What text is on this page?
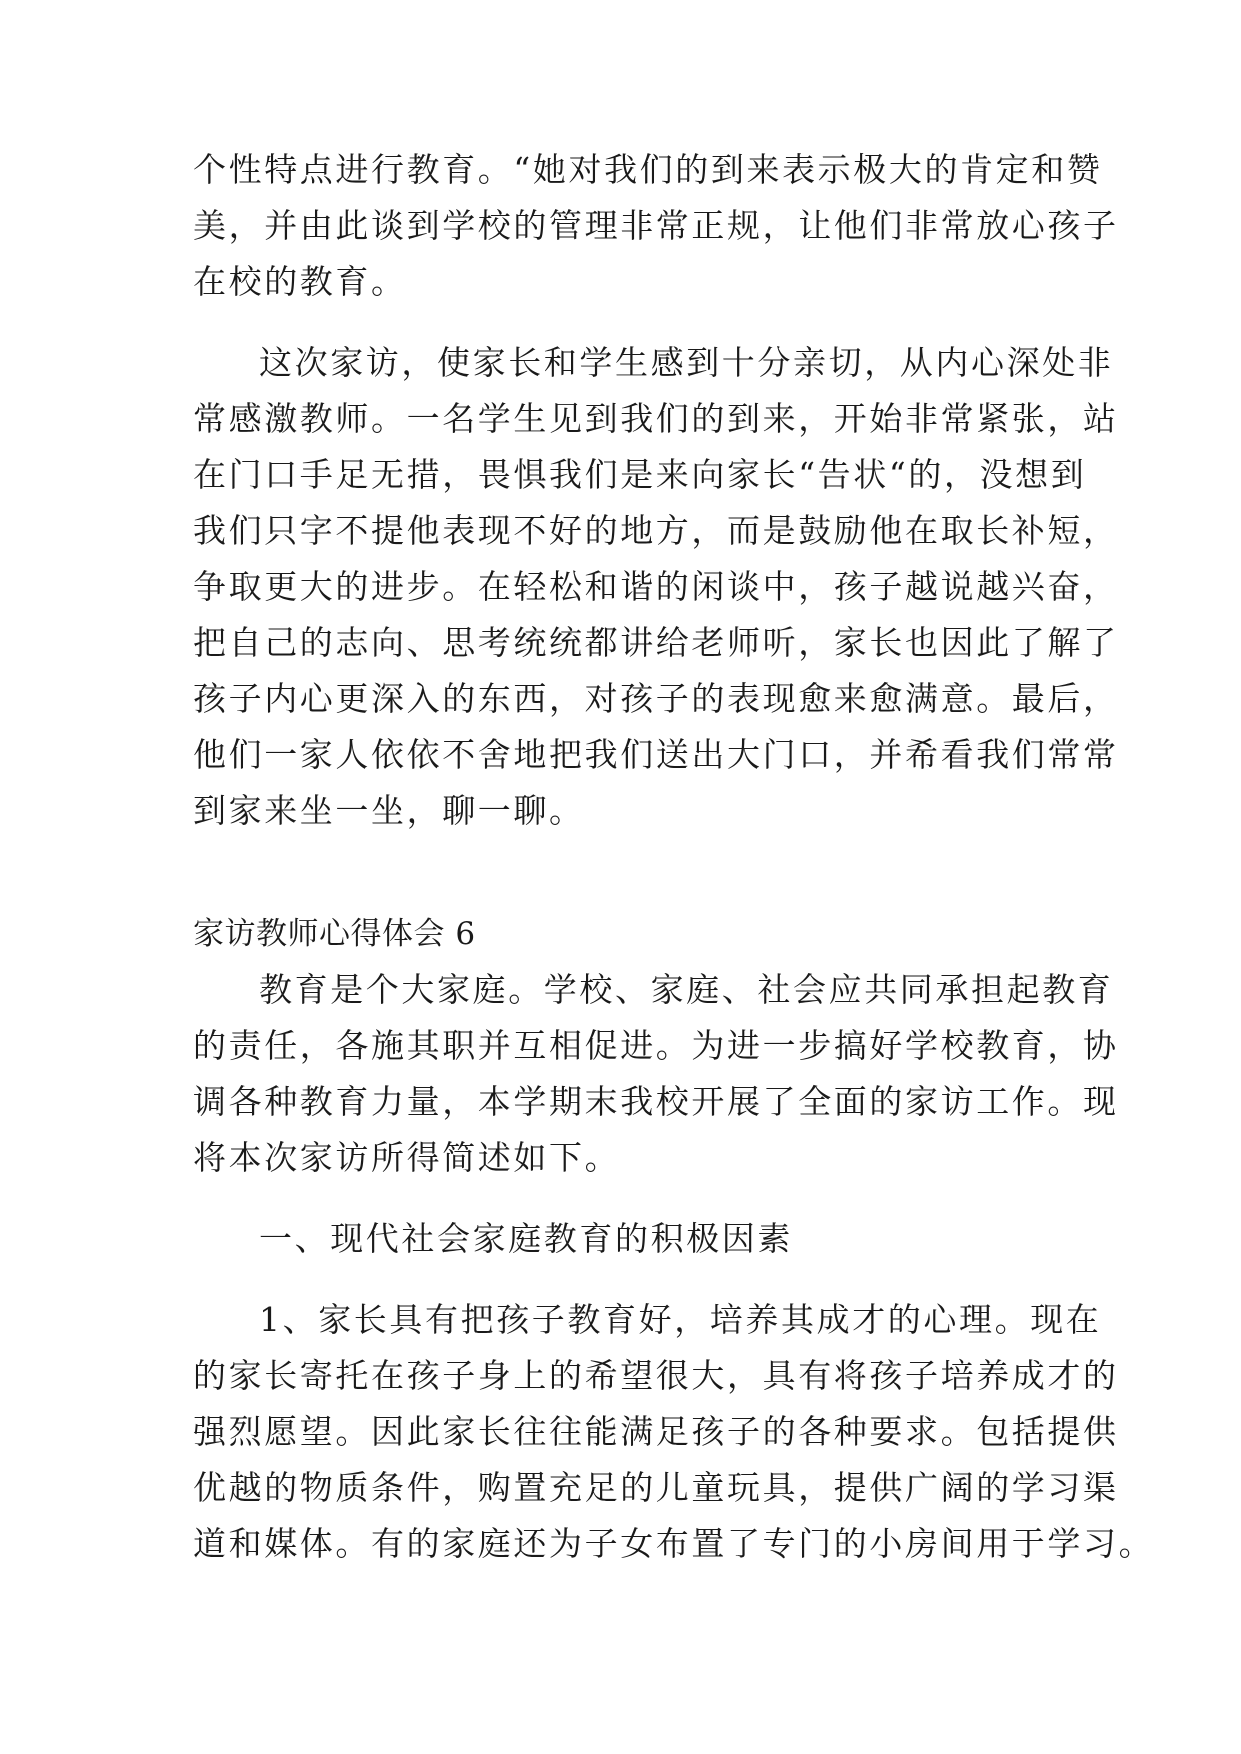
个性特点进行教育。“她对我们的到来表示极大的肯定和赞
美，并由此谈到学校的管理非常正规，让他们非常放心孩子
在校的教育。
这次家访，使家长和学生感到十分亲切，从内心深处非
常感激教师。一名学生见到我们的到来，开始非常紧张，站
在门口手足无措，畏惧我们是来向家长“告状“的，没想到
我们只字不提他表现不好的地方，而是鼓励他在取长补短，
争取更大的进步。在轻松和谐的闲谈中，孩子越说越兴奋，
把自己的志向、思考统统都讲给老师听，家长也因此了解了
孩子内心更深入的东西，对孩子的表现愈来愈满意。最后，
他们一家人依依不舍地把我们送出大门口，并希看我们常常
到家来坐一坐，聊一聊。
家访教师心得体会 6
教育是个大家庭。学校、家庭、社会应共同承担起教育
的责任，各施其职并互相促进。为进一步搞好学校教育，协
调各种教育力量，本学期末我校开展了全面的家访工作。现
将本次家访所得简述如下。
一、现代社会家庭教育的积极因素
1、家长具有把孩子教育好，培养其成才的心理。现在
的家长寄托在孩子身上的希望很大，具有将孩子培养成才的
强烈愿望。因此家长往往能满足孩子的各种要求。包括提供
优越的物质条件，购置充足的儿童玩具，提供广阔的学习渠
道和媒体。有的家庭还为子女布置了专门的小房间用于学习。
